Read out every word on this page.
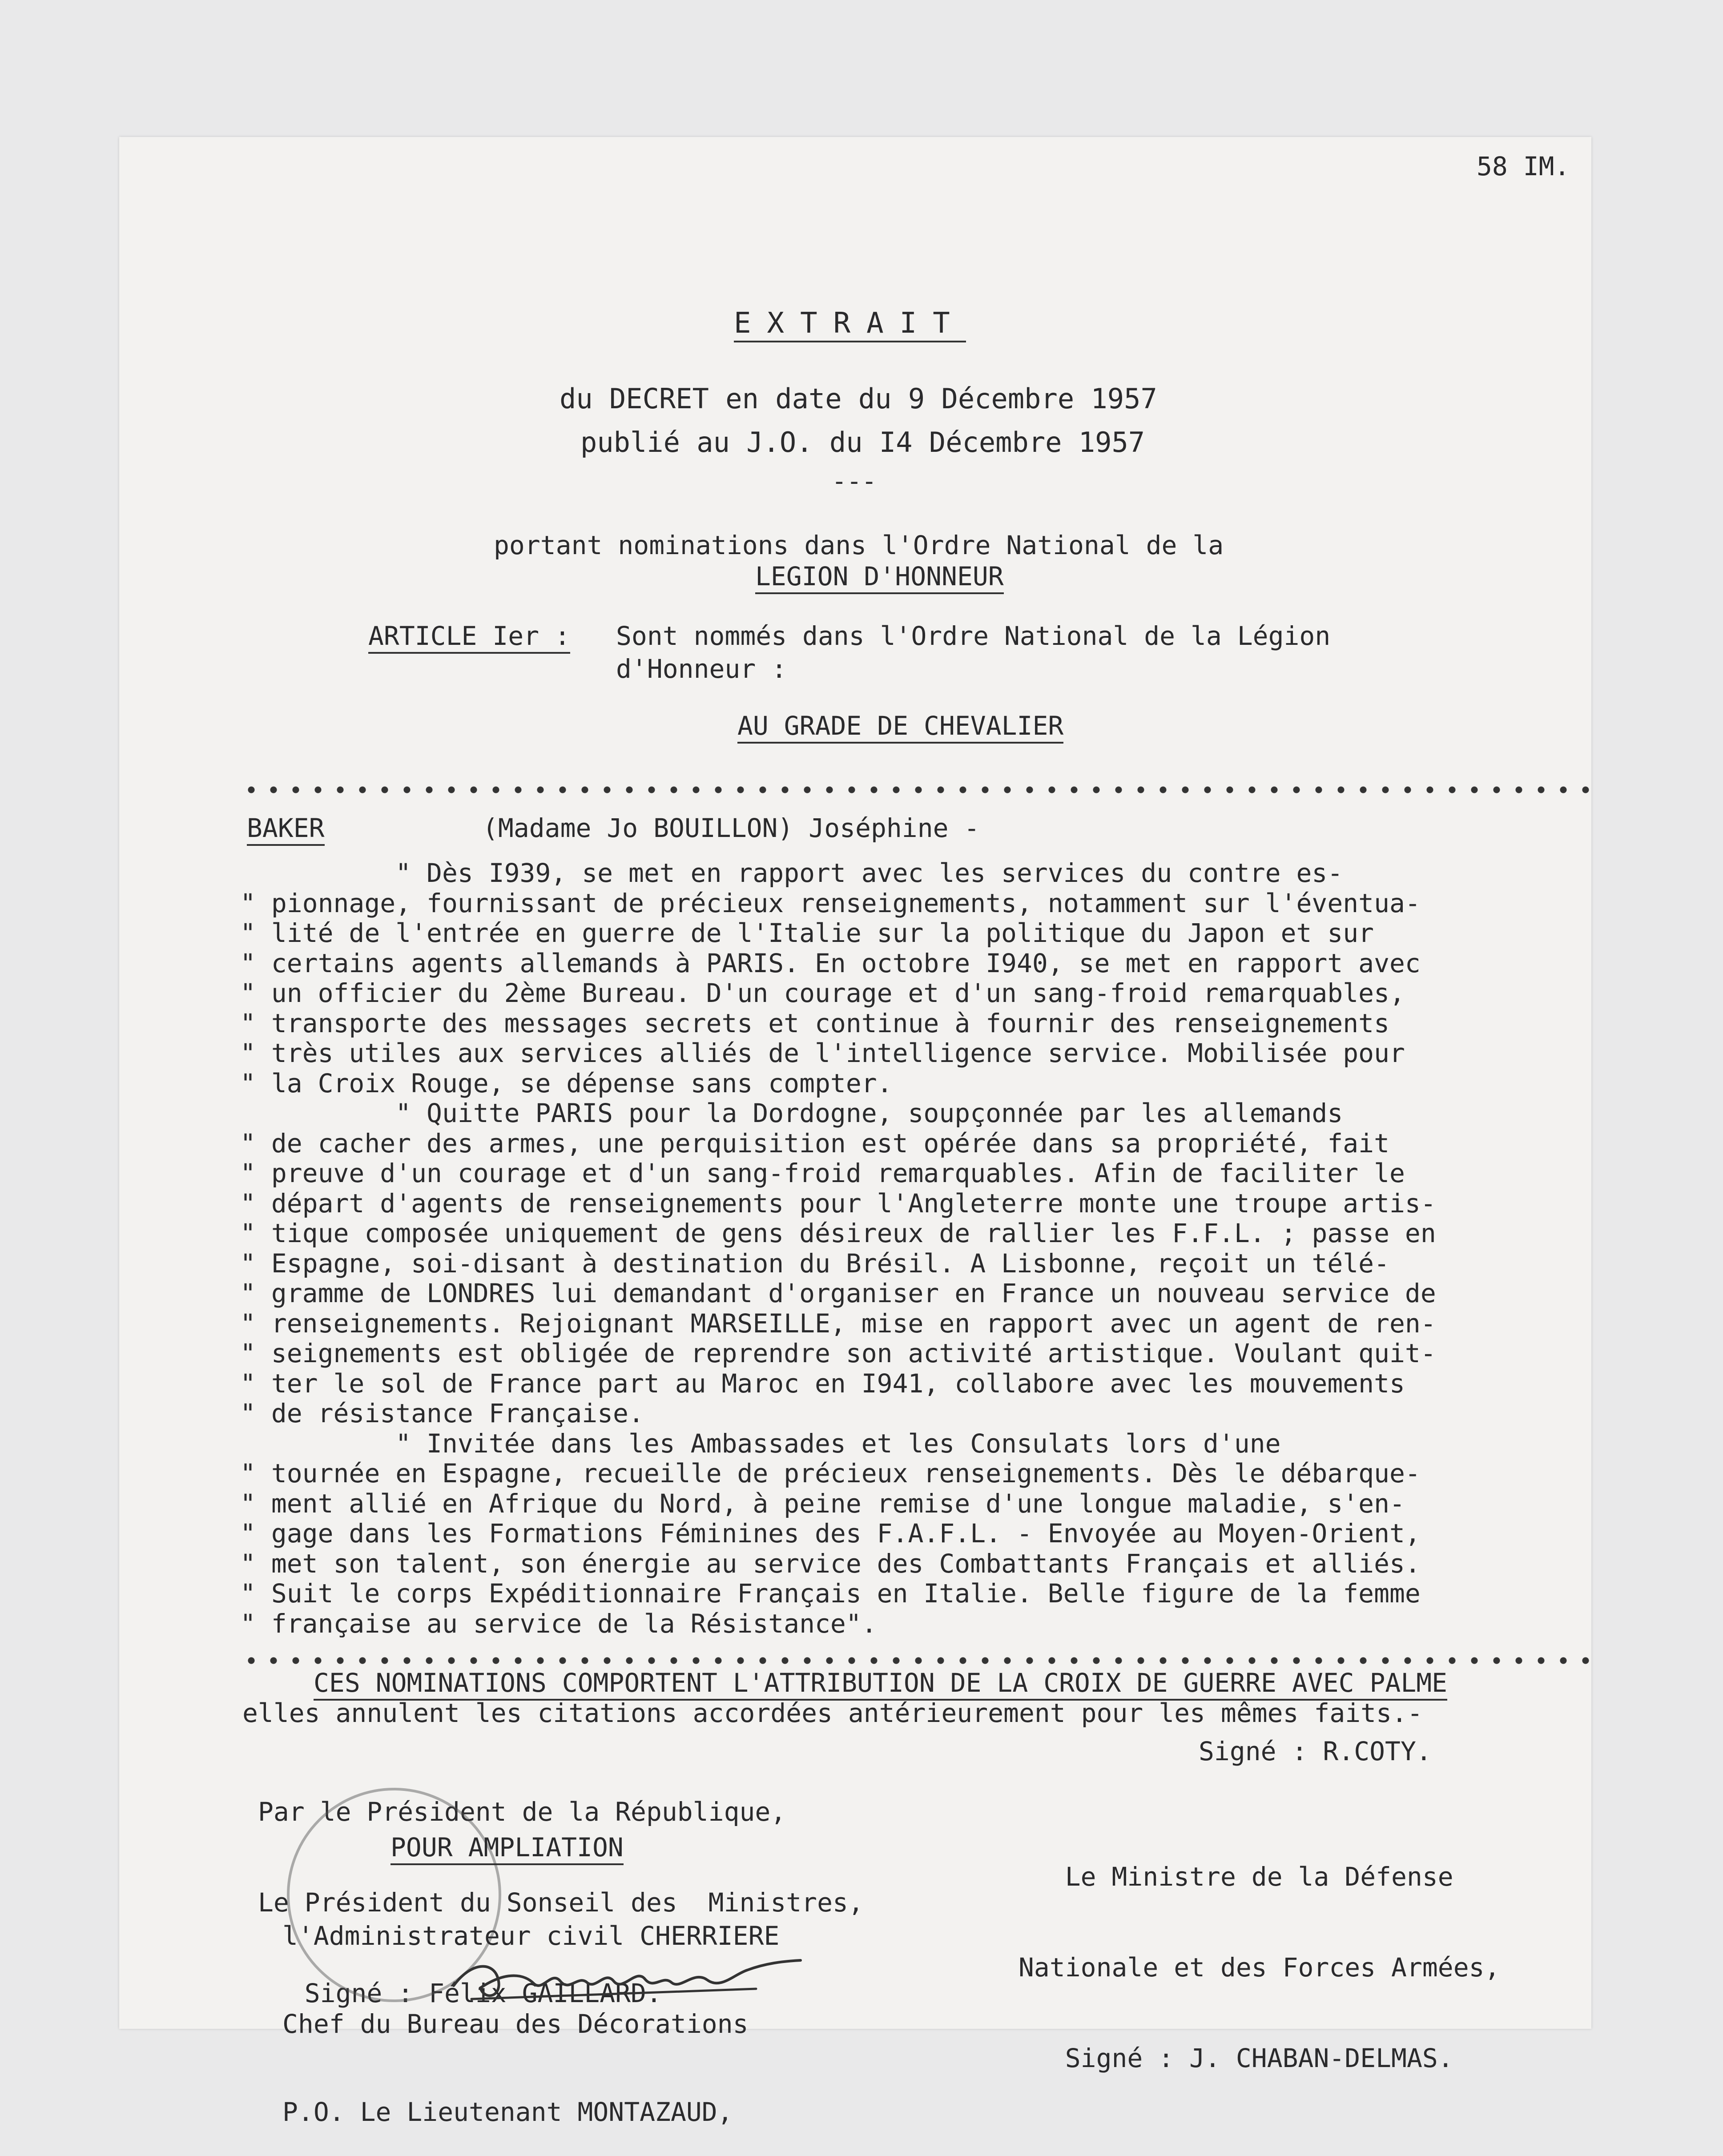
58 IM.
EXTRAIT
du DECRET en date du 9 Décembre 1957
publié au J.O. du I4 Décembre 1957
---
portant nominations dans l'Ordre National de la
LEGION D'HONNEUR
ARTICLE Ier : Sont nommés dans l'Ordre National de la Légion
d'Honneur :
AU GRADE DE CHEVALIER
BAKER	(Madame Jo BOUILLON) Joséphine -
" Dès I939, se met en rapport avec les services du contre es-
" pionnage, fournissant de précieux renseignements, notamment sur l'éventua-
" lité de l'entrée en guerre de l'Italie sur la politique du Japon et sur
" certains agents allemands à PARIS. En octobre I940, se met en rapport avec
" un officier du 2ème Bureau. D'un courage et d'un sang-froid remarquables,
" transporte des messages secrets et continue à fournir des renseignements
" très utiles aux services alliés de l'intelligence service. Mobilisée pour
" la Croix Rouge, se dépense sans compter.
" Quitte PARIS pour la Dordogne, soupçonnée par les allemands
" de cacher des armes, une perquisition est opérée dans sa propriété, fait
" preuve d'un courage et d'un sang-froid remarquables. Afin de faciliter le
" départ d'agents de renseignements pour l'Angleterre monte une troupe artis-
" tique composée uniquement de gens désireux de rallier les F.F.L. ; passe en
" Espagne, soi-disant à destination du Brésil. A Lisbonne, reçoit un télé-
" gramme de LONDRES lui demandant d'organiser en France un nouveau service de
" renseignements. Rejoignant MARSEILLE, mise en rapport avec un agent de ren-
" seignements est obligée de reprendre son activité artistique. Voulant quit-
" ter le sol de France part au Maroc en I941, collabore avec les mouvements
" de résistance Française.
" Invitée dans les Ambassades et les Consulats lors d'une
" tournée en Espagne, recueille de précieux renseignements. Dès le débarque-
" ment allié en Afrique du Nord, à peine remise d'une longue maladie, s'en-
" gage dans les Formations Féminines des F.A.F.L. - Envoyée au Moyen-Orient,
" met son talent, son énergie au service des Combattants Français et alliés.
" Suit le corps Expéditionnaire Français en Italie. Belle figure de la femme
" française au service de la Résistance".
CES NOMINATIONS COMPORTENT L'ATTRIBUTION DE LA CROIX DE GUERRE AVEC PALME
elles annulent les citations accordées antérieurement pour les mêmes faits.-

Par le Président de la République,

Le Président du Sonseil des  Ministres,

Signé : Félix GAILLARD.

Signé : R.COTY.

Le Ministre de la Défense

Nationale et des Forces Armées,

Signé : J. CHABAN-DELMAS.

POUR AMPLIATION

l'Administrateur civil CHERRIERE

Chef du Bureau des Décorations

P.O. Le Lieutenant MONTAZAUD,
